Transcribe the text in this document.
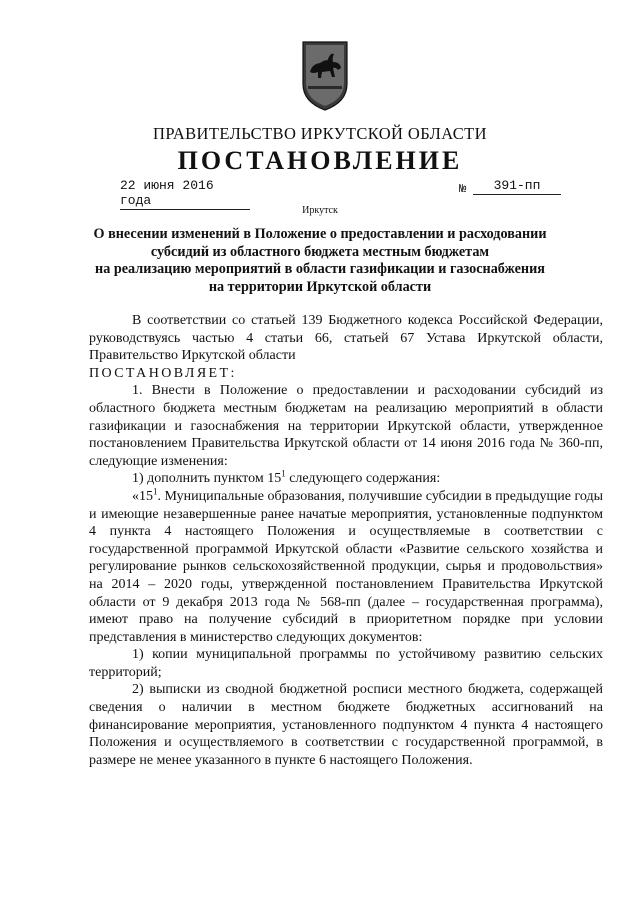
ПРАВИТЕЛЬСТВО ИРКУТСКОЙ ОБЛАСТИ
ПОСТАНОВЛЕНИЕ
22 июня 2016 года
№	391-пп
Иркутск
О внесении изменений в Положение о предоставлении и расходовании
субсидий из областного бюджета местным бюджетам
на реализацию мероприятий в области газификации и газоснабжения
на территории Иркутской области

В соответствии со статьей 139 Бюджетного кодекса Российской Федерации, руководствуясь частью 4 статьи 66, статьей 67 Устава Иркутской области, Правительство Иркутской области

ПОСТАНОВЛЯЕТ:

1. Внести в Положение о предоставлении и расходовании субсидий из областного бюджета местным бюджетам на реализацию мероприятий в области газификации и газоснабжения на территории Иркутской области, утвержденное постановлением Правительства Иркутской области от 14 июня 2016 года № 360-пп, следующие изменения:

1) дополнить пунктом $15^1$ следующего содержания:

«$15^1$. Муниципальные образования, получившие субсидии в предыдущие годы и имеющие незавершенные ранее начатые мероприятия, установленные подпунктом 4 пункта 4 настоящего Положения и осуществляемые в соответствии с государственной программой Иркутской области «Развитие сельского хозяйства и регулирование рынков сельскохозяйственной продукции, сырья и продовольствия» на 2014 – 2020 годы, утвержденной постановлением Правительства Иркутской области от 9 декабря 2013 года № 568-пп (далее – государственная программа), имеют право на получение субсидий в приоритетном порядке при условии представления в министерство следующих документов:

1) копии муниципальной программы по устойчивому развитию сельских территорий;

2) выписки из сводной бюджетной росписи местного бюджета, содержащей сведения о наличии в местном бюджете бюджетных ассигнований на финансирование мероприятия, установленного подпунктом 4 пункта 4 настоящего Положения и осуществляемого в соответствии с государственной программой, в размере не менее указанного в пункте 6 настоящего Положения.
